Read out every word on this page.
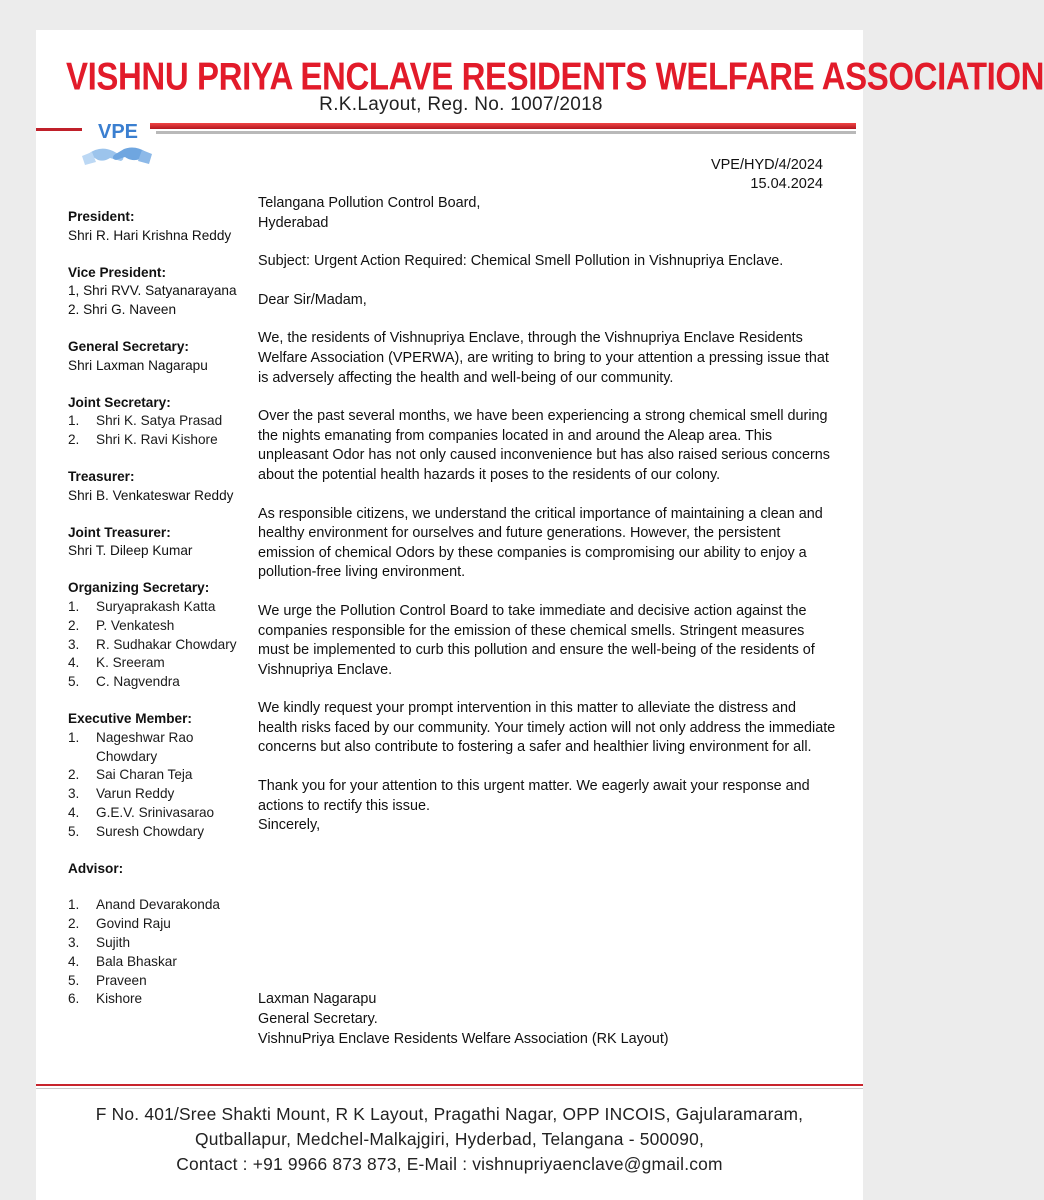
VISHNU PRIYA ENCLAVE RESIDENTS WELFARE ASSOCIATION
R.K.Layout, Reg. No. 1007/2018
VPE
VPE/HYD/4/2024
15.04.2024
President:
Shri R. Hari Krishna Reddy
Vice President:
1, Shri RVV. Satyanarayana
2. Shri G. Naveen
General Secretary:
Shri Laxman Nagarapu
Joint Secretary:
1.	Shri K. Satya Prasad
2.	Shri K. Ravi Kishore
Treasurer:
Shri B. Venkateswar Reddy
Joint Treasurer:
Shri T. Dileep Kumar
Organizing Secretary:
1.	Suryaprakash Katta
2.	P. Venkatesh
3.	R. Sudhakar Chowdary
4.	K. Sreeram
5.	C. Nagvendra
Executive Member:
1.	Nageshwar Rao
Chowdary
2.	Sai Charan Teja
3.	Varun Reddy
4.	G.E.V. Srinivasarao
5.	Suresh Chowdary
Advisor:
1.	Anand Devarakonda
2.	Govind Raju
3.	Sujith
4.	Bala Bhaskar
5.	Praveen
6.	Kishore

Telangana Pollution Control Board,

Hyderabad

Subject: Urgent Action Required: Chemical Smell Pollution in Vishnupriya Enclave.

Dear Sir/Madam,

We, the residents of Vishnupriya Enclave, through the Vishnupriya Enclave Residents Welfare Association (VPERWA), are writing to bring to your attention a pressing issue that is adversely affecting the health and well-being of our community.

Over the past several months, we have been experiencing a strong chemical smell during the nights emanating from companies located in and around the Aleap area. This unpleasant Odor has not only caused inconvenience but has also raised serious concerns about the potential health hazards it poses to the residents of our colony.

As responsible citizens, we understand the critical importance of maintaining a clean and healthy environment for ourselves and future generations. However, the persistent emission of chemical Odors by these companies is compromising our ability to enjoy a pollution-free living environment.

We urge the Pollution Control Board to take immediate and decisive action against the companies responsible for the emission of these chemical smells. Stringent measures must be implemented to curb this pollution and ensure the well-being of the residents of Vishnupriya Enclave.

We kindly request your prompt intervention in this matter to alleviate the distress and health risks faced by our community. Your timely action will not only address the immediate concerns but also contribute to fostering a safer and healthier living environment for all.

Thank you for your attention to this urgent matter. We eagerly await your response and actions to rectify this issue.

Sincerely,

Laxman Nagarapu

General Secretary.

VishnuPriya Enclave Residents Welfare Association (RK Layout)

F No. 401/Sree Shakti Mount, R K Layout, Pragathi Nagar, OPP INCOIS, Gajularamaram,
Qutballapur, Medchel-Malkajgiri, Hyderbad, Telangana - 500090,
Contact : +91 9966 873 873, E-Mail : vishnupriyaenclave@gmail.com
